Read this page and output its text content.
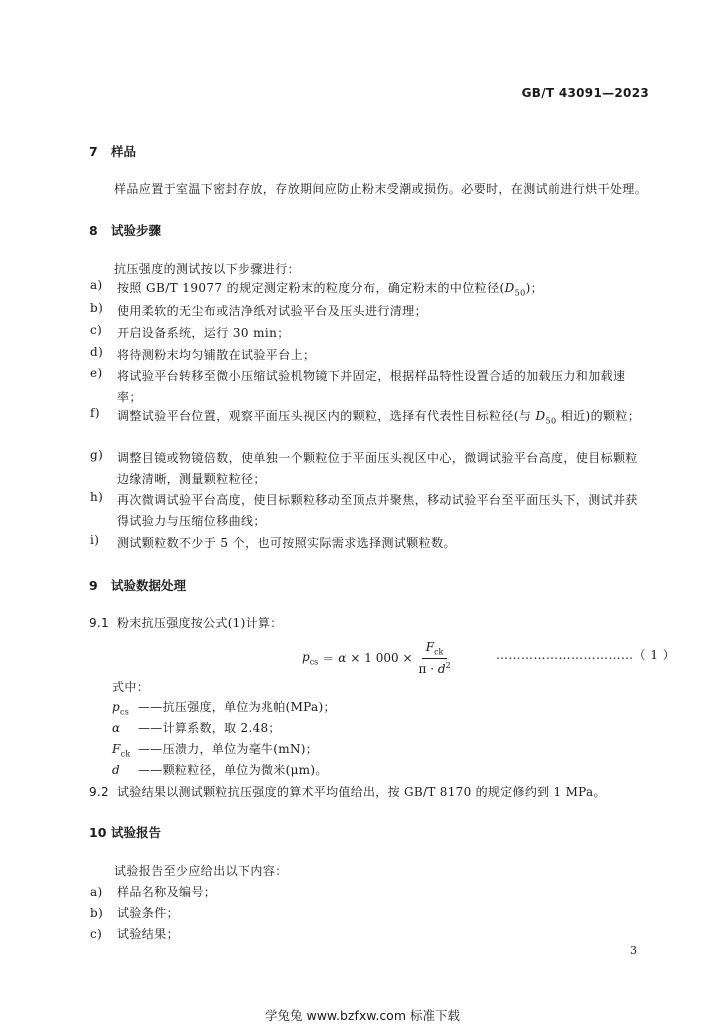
GB/T 43091—2023
7 样品
样品应置于室温下密封存放，存放期间应防止粉末受潮或损伤。必要时，在测试前进行烘干处理。
8 试验步骤
抗压强度的测试按以下步骤进行：
a) 按照 GB/T 19077 的规定测定粉末的粒度分布，确定粉末的中位粒径$(D_{50})$；
b) 使用柔软的无尘布或洁净纸对试验平台及压头进行清理；
c) 开启设备系统，运行 30 min；
d) 将待测粉末均匀铺散在试验平台上；
e) 将试验平台转移至微小压缩试验机物镜下并固定，根据样品特性设置合适的加载压力和加载速率；
f) 调整试验平台位置，观察平面压头视区内的颗粒，选择有代表性目标粒径(与 $D_{50}$ 相近)的颗粒；
g) 调整目镜或物镜倍数，使单独一个颗粒位于平面压头视区中心，微调试验平台高度，使目标颗粒边缘清晰，测量颗粒粒径；
h) 再次微调试验平台高度，使目标颗粒移动至顶点并聚焦，移动试验平台至平面压头下，测试并获得试验力与压缩位移曲线；
i) 测试颗粒数不少于 5 个，也可按照实际需求选择测试颗粒数。
9 试验数据处理
9.1 粉末抗压强度按公式(1)计算：
$p_{cs} = \alpha \times 1$ $000 \times \frac{F_{ck}}{\pi \cdot d^2}$	……………………………（ 1 ）
式中：
$p_{cs}$ ——抗压强度，单位为兆帕(MPa)；
α ——计算系数，取 2.48；
$F_{ck}$ ——压溃力，单位为毫牛(mN)；
d ——颗粒粒径，单位为微米(μm)。
9.2 试验结果以测试颗粒抗压强度的算术平均值给出，按 GB/T 8170 的规定修约到 1 MPa。
10 试验报告
试验报告至少应给出以下内容：
a) 样品名称及编号；
b) 试验条件；
c) 试验结果；
3
学兔兔 www.bzfxw.com 标准下载
